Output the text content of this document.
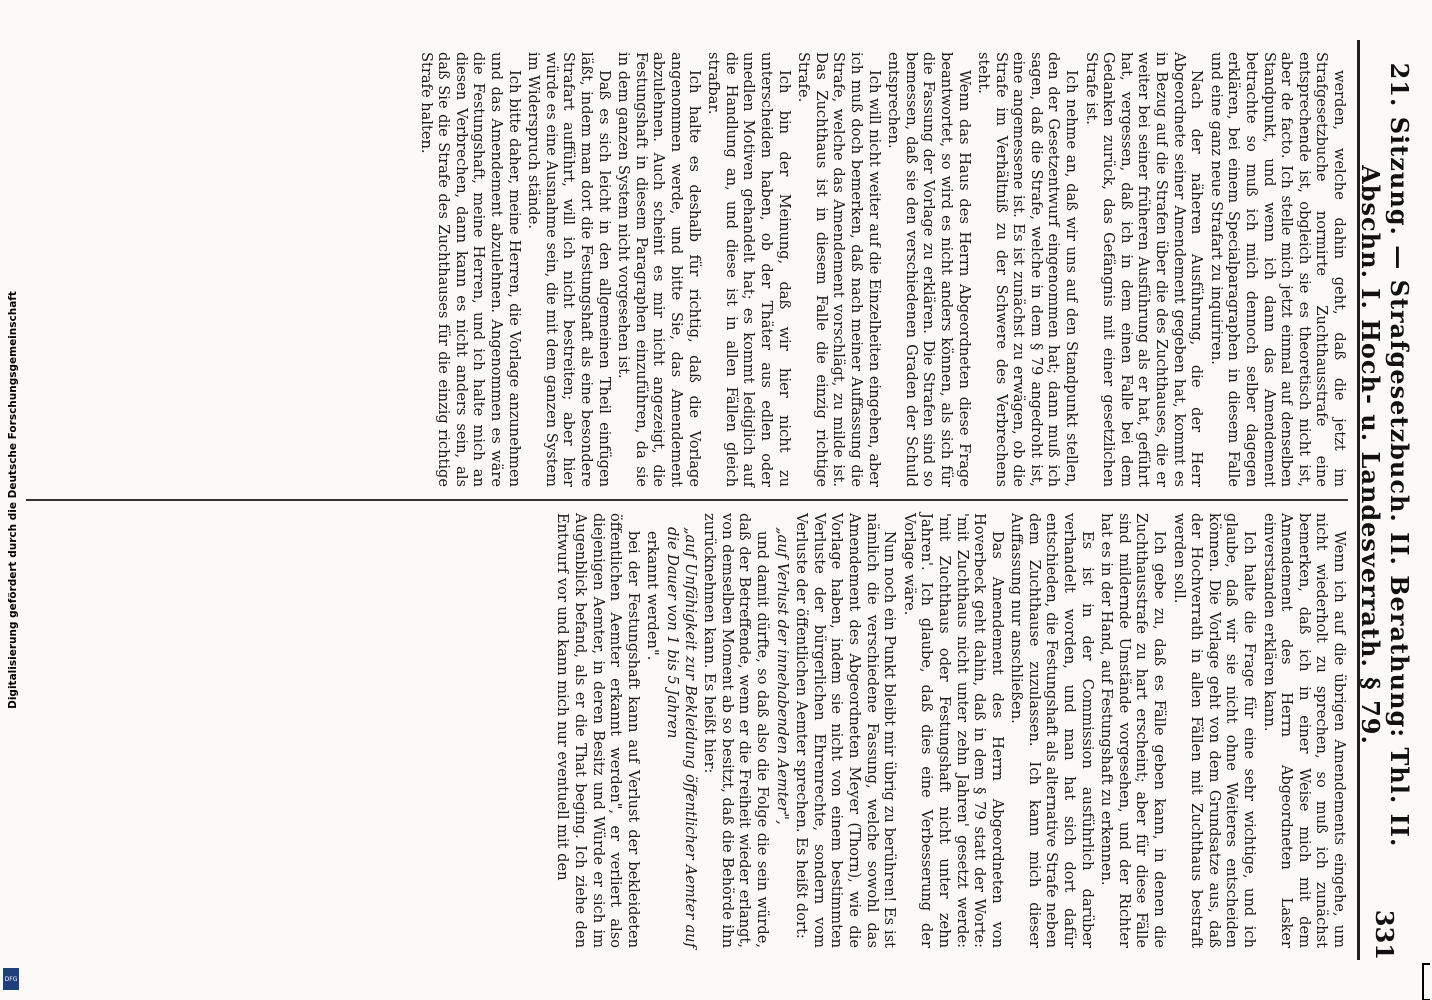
Digitalisierung gefördert durch die Deutsche Forschungsgemeinschaft
DFG
21. Sitzung. — Strafgesetzbuch. II. Berathung: Thl. II. Abschn. I. Hoch- u. Landesverrath. § 79.
331

werden, welche dahin geht, daß die jetzt im Strafgesetzbuche normirte Zuchthausstrafe eine entsprechende ist, obgleich sie es theoretisch nicht ist, aber de facto. Ich stelle mich jetzt einmal auf denselben Standpunkt, und wenn ich dann das Amendement betrachte so muß ich mich dennoch selber dagegen erklären, bei einem Specialparagraphen in diesem Falle und eine ganz neue Strafart zu inquiriren.

Nach der näheren Ausführung, die der Herr Abgeordnete seiner Amendement gegeben hat, kommt es in Bezug auf die Strafen über die des Zuchthauses, die er weiter bei seiner früheren Ausführung als er hat, geführt hat, vergessen, daß ich in dem einen Falle bei dem Gedanken zurück, das Gefängnis mit einer gesetzlichen Strafe ist.

Ich nehme an, daß wir uns auf den Standpunkt stellen, den der Gesetzentwurf eingenommen hat; dann muß ich sagen, daß die Strafe, welche in dem § 79 angedroht ist, eine angemessene ist. Es ist zunächst zu erwägen, ob die Strafe im Verhältniß zu der Schwere des Verbrechens steht.

Wenn das Haus des Herrn Abgeordneten diese Frage beantwortet, so wird es nicht anders können, als sich für die Fassung der Vorlage zu erklären. Die Strafen sind so bemessen, daß sie den verschiedenen Graden der Schuld entsprechen.

Ich will nicht weiter auf die Einzelheiten eingehen, aber ich muß doch bemerken, daß nach meiner Auffassung die Strafe, welche das Amendement vorschlägt, zu milde ist. Das Zuchthaus ist in diesem Falle die einzig richtige Strafe.

Ich bin der Meinung, daß wir hier nicht zu unterscheiden haben, ob der Thäter aus edlen oder unedlen Motiven gehandelt hat; es kommt lediglich auf die Handlung an, und diese ist in allen Fällen gleich strafbar.

Ich halte es deshalb für richtig, daß die Vorlage angenommen werde, und bitte Sie, das Amendement abzulehnen. Auch scheint es mir nicht angezeigt, die Festungshaft in diesem Paragraphen einzuführen, da sie in dem ganzen System nicht vorgesehen ist.

Daß es sich leicht in den allgemeinen Theil einfügen läßt, indem man dort die Festungshaft als eine besondere Strafart aufführt, will ich nicht bestreiten; aber hier würde es eine Ausnahme sein, die mit dem ganzen System im Widerspruch stände.

Ich bitte daher, meine Herren, die Vorlage anzunehmen und das Amendement abzulehnen. Angenommen es wäre die Festungshaft, meine Herren, und ich halte mich an diesen Verbrechen, dann kann es nicht anders sein, als daß Sie die Strafe des Zuchthauses für die einzig richtige Strafe halten.

Wenn ich auf die übrigen Amendements eingehe, um nicht wiederholt zu sprechen, so muß ich zunächst bemerken, daß ich in einer Weise mich mit dem Amendement des Herrn Abgeordneten Lasker einverstanden erklären kann.

Ich halte die Frage für eine sehr wichtige, und ich glaube, daß wir sie nicht ohne Weiteres entscheiden können. Die Vorlage geht von dem Grundsatze aus, daß der Hochverrath in allen Fällen mit Zuchthaus bestraft werden soll.

Ich gebe zu, daß es Fälle geben kann, in denen die Zuchthausstrafe zu hart erscheint; aber für diese Fälle sind mildernde Umstände vorgesehen, und der Richter hat es in der Hand, auf Festungshaft zu erkennen.

Es ist in der Commission ausführlich darüber verhandelt worden, und man hat sich dort dafür entschieden, die Festungshaft als alternative Strafe neben dem Zuchthause zuzulassen. Ich kann mich dieser Auffassung nur anschließen.

Das Amendement des Herrn Abgeordneten von Hoverbeck geht dahin, daß in dem § 79 statt der Worte: 'mit Zuchthaus nicht unter zehn Jahren' gesetzt werde: 'mit Zuchthaus oder Festungshaft nicht unter zehn Jahren'. Ich glaube, daß dies eine Verbesserung der Vorlage wäre.

Nun noch ein Punkt bleibt mir übrig zu berühren! Es ist nämlich die verschiedene Fassung, welche sowohl das Amendement des Abgeordneten Meyer (Thorn), wie die Vorlage haben, indem sie nicht von einem bestimmten Verluste der bürgerlichen Ehrenrechte, sondern vom Verluste der öffentlichen Aemter sprechen. Es heißt dort:

„auf Verlust der innehabenden Aemter",

und damit dürfte, so daß also die Folge die sein würde, daß der Betreffende, wenn er die Freiheit wieder erlangt, von demselben Moment ab so besitzt, daß die Behörde ihn zurücknehmen kann. Es heißt hier:

„auf Unfähigkeit zur Bekleidung öffentlicher Aemter auf die Dauer von 1 bis 5 Jahren

erkannt werden".

bei der Festungshaft kann auf Verlust der bekleideten öffentlichen Aemter erkannt werden", er verliert also diejenigen Aemter, in deren Besitz und Würde er sich im Augenblick befand, als er die That beging. Ich ziehe den Entwurf vor und kann mich nur eventuell mit den
